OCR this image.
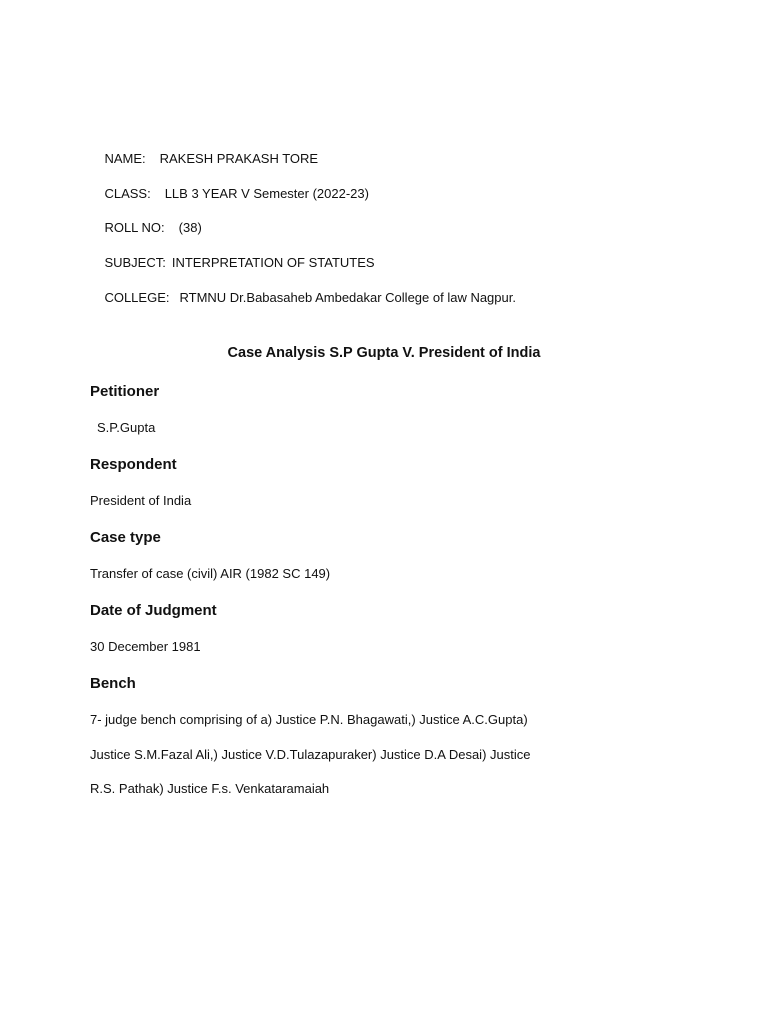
NAME: RAKESH PRAKASH TORE

CLASS: LLB 3 YEAR V Semester (2022-23)

ROLL NO: (38)

SUBJECT: INTERPRETATION OF STATUTES

COLLEGE: RTMNU Dr.Babasaheb Ambedakar College of law Nagpur.

Case Analysis S.P Gupta V. President of India
Petitioner
S.P.Gupta
Respondent
President of India
Case type
Transfer of case (civil) AIR (1982 SC 149)
Date of Judgment
30 December 1981
Bench
7- judge bench comprising of a) Justice P.N. Bhagawati,) Justice A.C.Gupta)
Justice S.M.Fazal Ali,) Justice V.D.Tulazapuraker) Justice D.A Desai) Justice
R.S. Pathak) Justice F.s. Venkataramaiah
